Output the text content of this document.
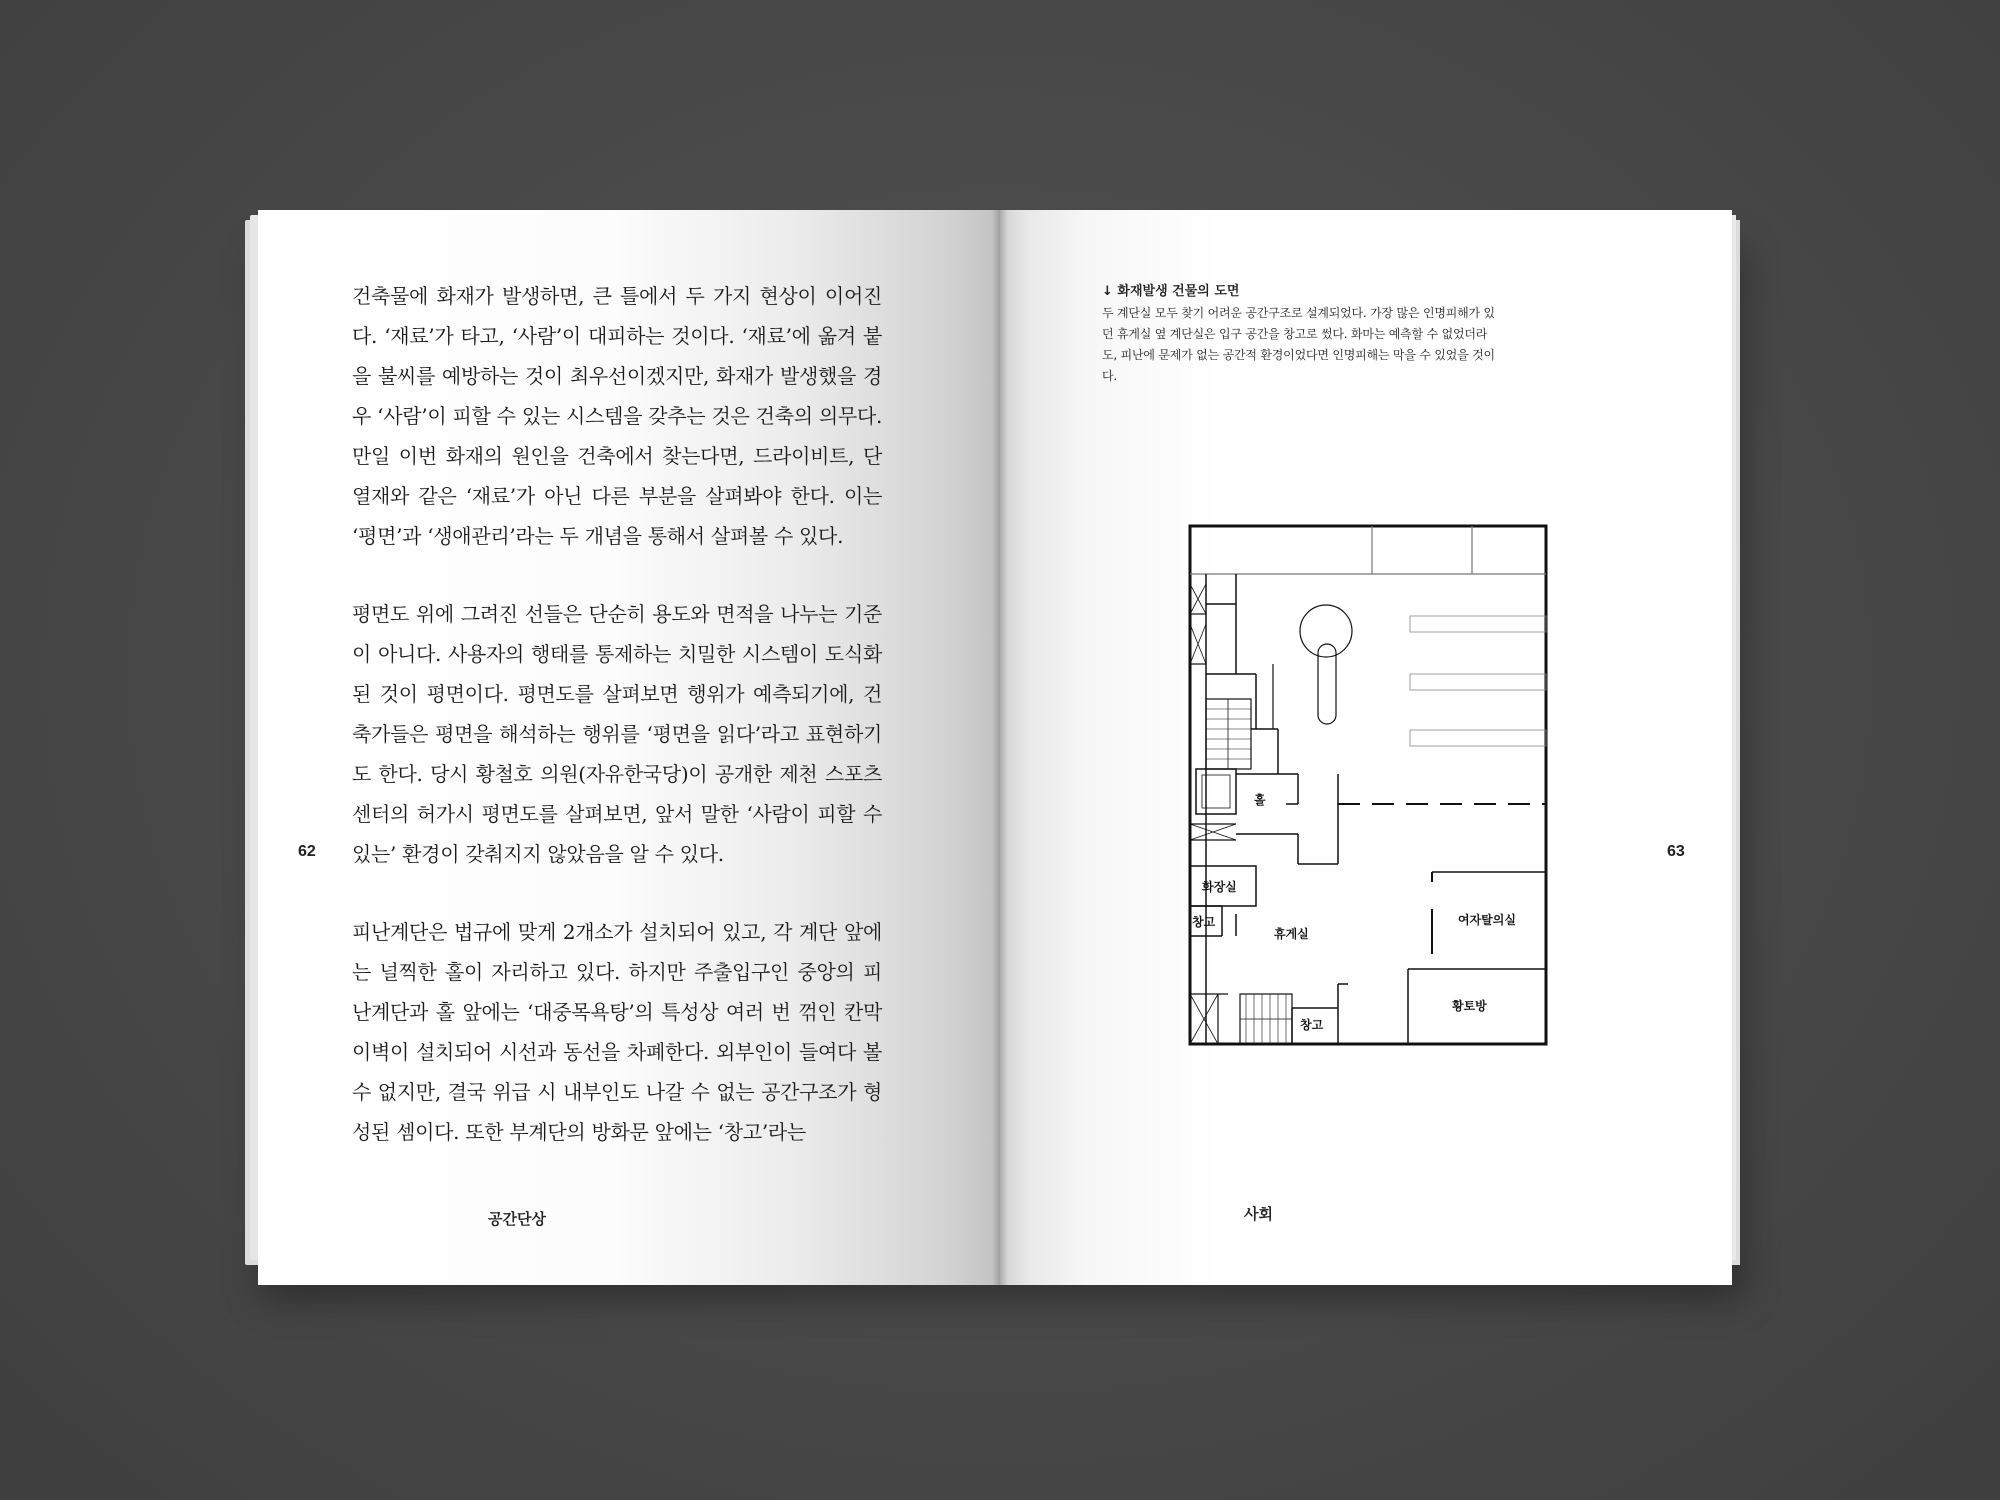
건축물에 화재가 발생하면, 큰 틀에서 두 가지 현상이 이어진다. ‘재료’가 타고, ‘사람’이 대피하는 것이다. ‘재료’에 옮겨 붙을 불씨를 예방하는 것이 최우선이겠지만, 화재가 발생했을 경우 ‘사람’이 피할 수 있는 시스템을 갖추는 것은 건축의 의무다. 만일 이번 화재의 원인을 건축에서 찾는다면, 드라이비트, 단열재와 같은 ‘재료’가 아닌 다른 부분을 살펴봐야 한다. 이는 ‘평면’과 ‘생애관리’라는 두 개념을 통해서 살펴볼 수 있다.

평면도 위에 그려진 선들은 단순히 용도와 면적을 나누는 기준이 아니다. 사용자의 행태를 통제하는 치밀한 시스템이 도식화된 것이 평면이다. 평면도를 살펴보면 행위가 예측되기에, 건축가들은 평면을 해석하는 행위를 ‘평면을 읽다’라고 표현하기도 한다. 당시 황철호 의원(자유한국당)이 공개한 제천 스포츠센터의 허가시 평면도를 살펴보면, 앞서 말한 ‘사람이 피할 수 있는’ 환경이 갖춰지지 않았음을 알 수 있다.

피난계단은 법규에 맞게 2개소가 설치되어 있고, 각 계단 앞에는 널찍한 홀이 자리하고 있다. 하지만 주출입구인 중앙의 피난계단과 홀 앞에는 ‘대중목욕탕’의 특성상 여러 번 꺾인 칸막이벽이 설치되어 시선과 동선을 차폐한다. 외부인이 들여다 볼 수 없지만, 결국 위급 시 내부인도 나갈 수 없는 공간구조가 형성된 셈이다. 또한 부계단의 방화문 앞에는 ‘창고’라는

62
공간단상
↓ 화재발생 건물의 도면
두 계단실 모두 찾기 어려운 공간구조로 설계되었다. 가장 많은 인명피해가 있던 휴게실 옆 계단실은 입구 공간을 창고로 썼다. 화마는 예측할 수 없었더라도, 피난에 문제가 없는 공간적 환경이었다면 인명피해는 막을 수 있었을 것이다.
홀
화장실
창고
휴게실
여자탈의실
창고
황토방
63
사회
